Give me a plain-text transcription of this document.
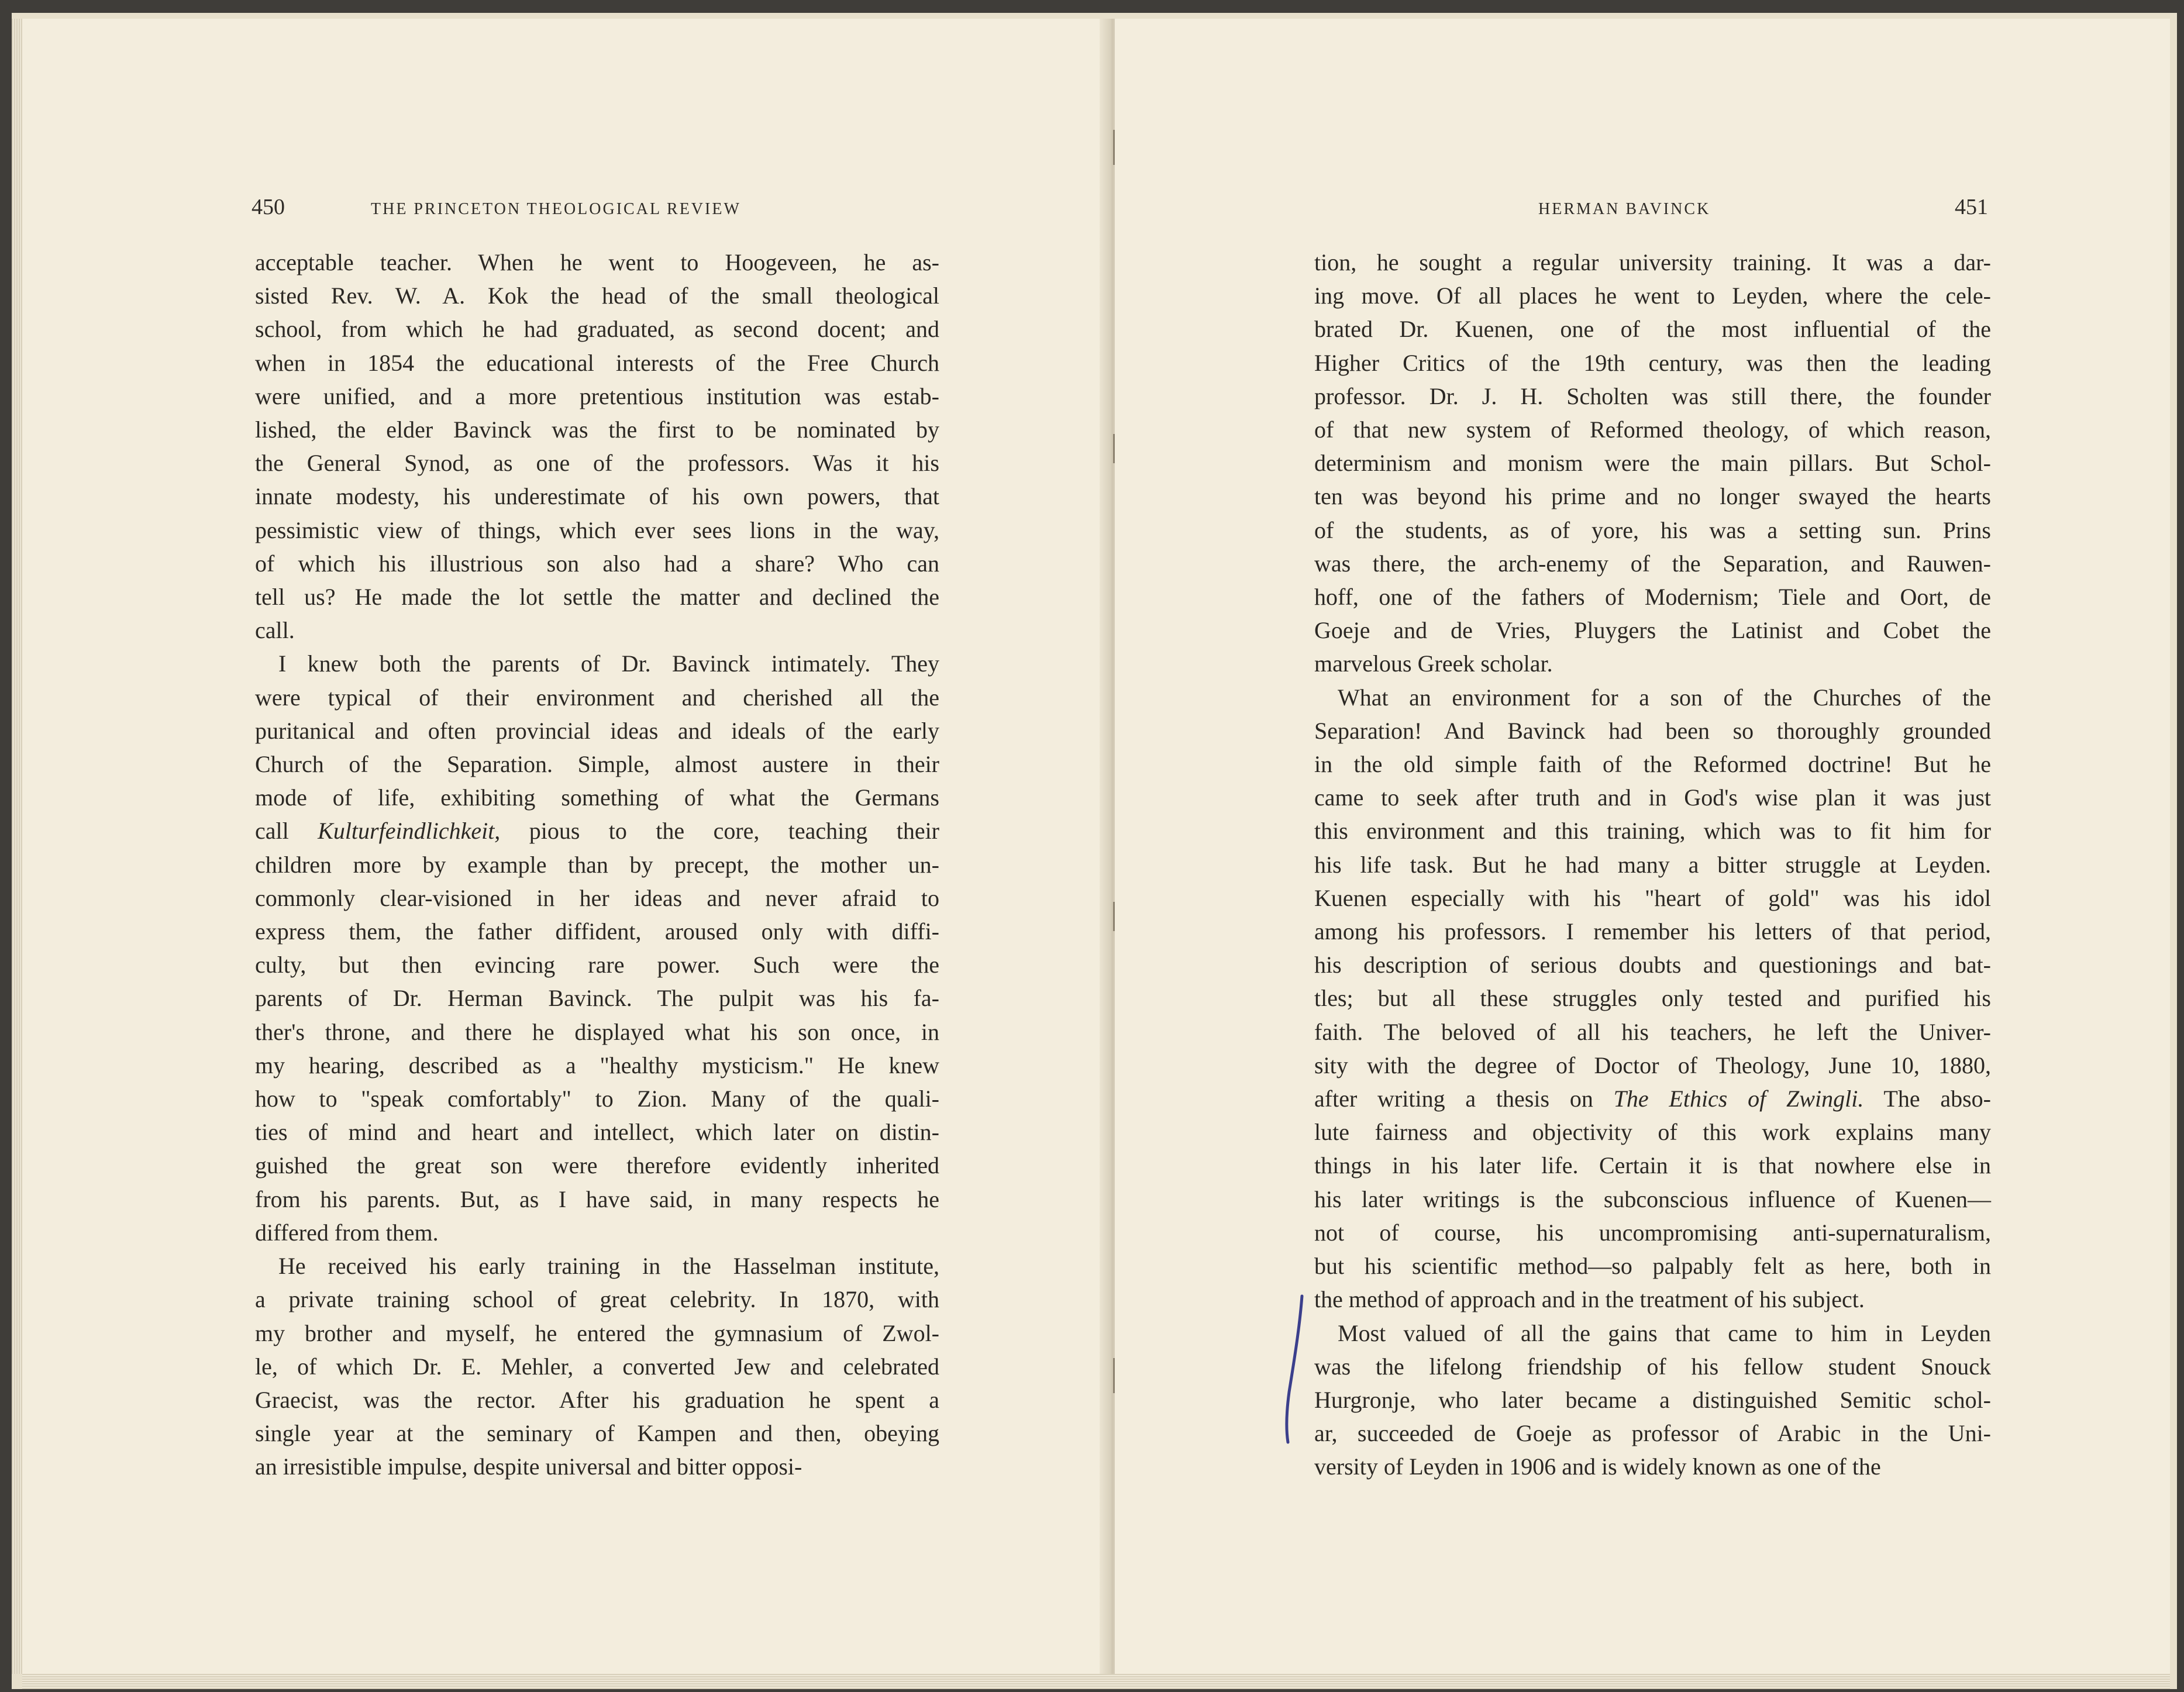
450	THE PRINCETON THEOLOGICAL REVIEW
acceptable teacher. When he went to Hoogeveen, he as-
sisted Rev. W. A. Kok the head of the small theological
school, from which he had graduated, as second docent; and
when in 1854 the educational interests of the Free Church
were unified, and a more pretentious institution was estab-
lished, the elder Bavinck was the first to be nominated by
the General Synod, as one of the professors. Was it his
innate modesty, his underestimate of his own powers, that
pessimistic view of things, which ever sees lions in the way,
of which his illustrious son also had a share? Who can
tell us? He made the lot settle the matter and declined the
call.
I knew both the parents of Dr. Bavinck intimately. They
were typical of their environment and cherished all the
puritanical and often provincial ideas and ideals of the early
Church of the Separation. Simple, almost austere in their
mode of life, exhibiting something of what the Germans
call Kulturfeindlichkeit, pious to the core, teaching their
children more by example than by precept, the mother un-
commonly clear-visioned in her ideas and never afraid to
express them, the father diffident, aroused only with diffi-
culty, but then evincing rare power. Such were the
parents of Dr. Herman Bavinck. The pulpit was his fa-
ther's throne, and there he displayed what his son once, in
my hearing, described as a "healthy mysticism." He knew
how to "speak comfortably" to Zion. Many of the quali-
ties of mind and heart and intellect, which later on distin-
guished the great son were therefore evidently inherited
from his parents. But, as I have said, in many respects he
differed from them.
He received his early training in the Hasselman institute,
a private training school of great celebrity. In 1870, with
my brother and myself, he entered the gymnasium of Zwol-
le, of which Dr. E. Mehler, a converted Jew and celebrated
Graecist, was the rector. After his graduation he spent a
single year at the seminary of Kampen and then, obeying
an irresistible impulse, despite universal and bitter opposi-
HERMAN BAVINCK	451
tion, he sought a regular university training. It was a dar-
ing move. Of all places he went to Leyden, where the cele-
brated Dr. Kuenen, one of the most influential of the
Higher Critics of the 19th century, was then the leading
professor. Dr. J. H. Scholten was still there, the founder
of that new system of Reformed theology, of which reason,
determinism and monism were the main pillars. But Schol-
ten was beyond his prime and no longer swayed the hearts
of the students, as of yore, his was a setting sun. Prins
was there, the arch-enemy of the Separation, and Rauwen-
hoff, one of the fathers of Modernism; Tiele and Oort, de
Goeje and de Vries, Pluygers the Latinist and Cobet the
marvelous Greek scholar.
What an environment for a son of the Churches of the
Separation! And Bavinck had been so thoroughly grounded
in the old simple faith of the Reformed doctrine! But he
came to seek after truth and in God's wise plan it was just
this environment and this training, which was to fit him for
his life task. But he had many a bitter struggle at Leyden.
Kuenen especially with his "heart of gold" was his idol
among his professors. I remember his letters of that period,
his description of serious doubts and questionings and bat-
tles; but all these struggles only tested and purified his
faith. The beloved of all his teachers, he left the Univer-
sity with the degree of Doctor of Theology, June 10, 1880,
after writing a thesis on The Ethics of Zwingli. The abso-
lute fairness and objectivity of this work explains many
things in his later life. Certain it is that nowhere else in
his later writings is the subconscious influence of Kuenen—
not of course, his uncompromising anti-supernaturalism,
but his scientific method—so palpably felt as here, both in
the method of approach and in the treatment of his subject.
Most valued of all the gains that came to him in Leyden
was the lifelong friendship of his fellow student Snouck
Hurgronje, who later became a distinguished Semitic schol-
ar, succeeded de Goeje as professor of Arabic in the Uni-
versity of Leyden in 1906 and is widely known as one of the
